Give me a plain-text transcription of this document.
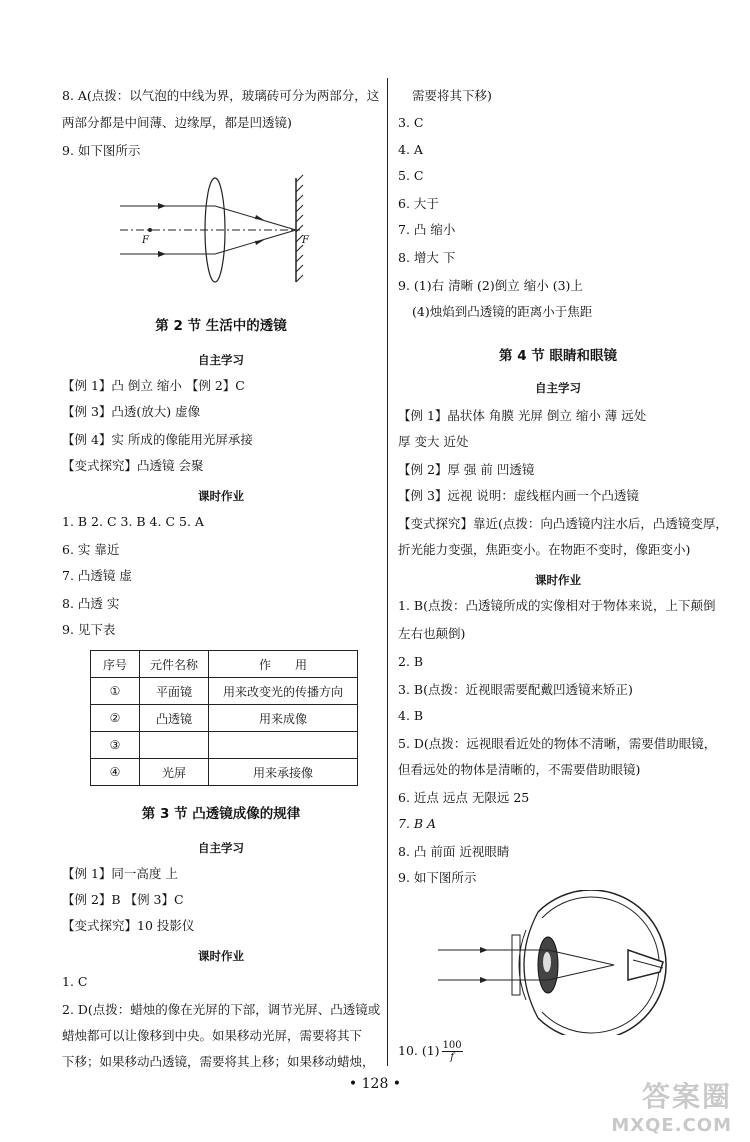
8. A(点拨：以气泡的中线为界，玻璃砖可分为两部分，这
两部分都是中间薄、边缘厚，都是凹透镜)
9. 如下图所示
F	F
第 2 节 生活中的透镜
自主学习
【例 1】凸 倒立 缩小 【例 2】C
【例 3】凸透(放大) 虚像
【例 4】实 所成的像能用光屏承接
【变式探究】凸透镜 会聚
课时作业
1. B 2. C 3. B 4. C 5. A
6. 实 靠近
7. 凸透镜 虚
8. 凸透 实
9. 见下表
序号	元件名称	作　　用
①	平面镜	用来改变光的传播方向
②	凸透镜	用来成像
③		
④	光屏	用来承接像
第 3 节 凸透镜成像的规律
自主学习
【例 1】同一高度 上
【例 2】B 【例 3】C
【变式探究】10 投影仪
课时作业
1. C
2. D(点拨：蜡烛的像在光屏的下部，调节光屏、凸透镜或
蜡烛都可以让像移到中央。如果移动光屏，需要将其下
下移；如果移动凸透镜，需要将其上移；如果移动蜡烛，
需要将其下移)
3. C
4. A
5. C
6. 大于
7. 凸 缩小
8. 增大 下
9. (1)右 清晰 (2)倒立 缩小 (3)上
(4)烛焰到凸透镜的距离小于焦距
第 4 节 眼睛和眼镜
自主学习
【例 1】晶状体 角膜 光屏 倒立 缩小 薄 远处
厚 变大 近处
【例 2】厚 强 前 凹透镜
【例 3】远视 说明：虚线框内画一个凸透镜
【变式探究】靠近(点拨：向凸透镜内注水后，凸透镜变厚，
折光能力变强，焦距变小。在物距不变时，像距变小)
课时作业
1. B(点拨：凸透镜所成的实像相对于物体来说，上下颠倒
左右也颠倒)
2. B
3. B(点拨：近视眼需要配戴凹透镜来矫正)
4. B
5. D(点拨：远视眼看近处的物体不清晰，需要借助眼镜，
但看远处的物体是清晰的，不需要借助眼镜)
6. 近点 远点 无限远 25
7. B A
8. 凸 前面 近视眼睛
9. 如下图所示
10. $(1) \frac{100}{f}$
• 128 •	答案圈
MXQE.COM
